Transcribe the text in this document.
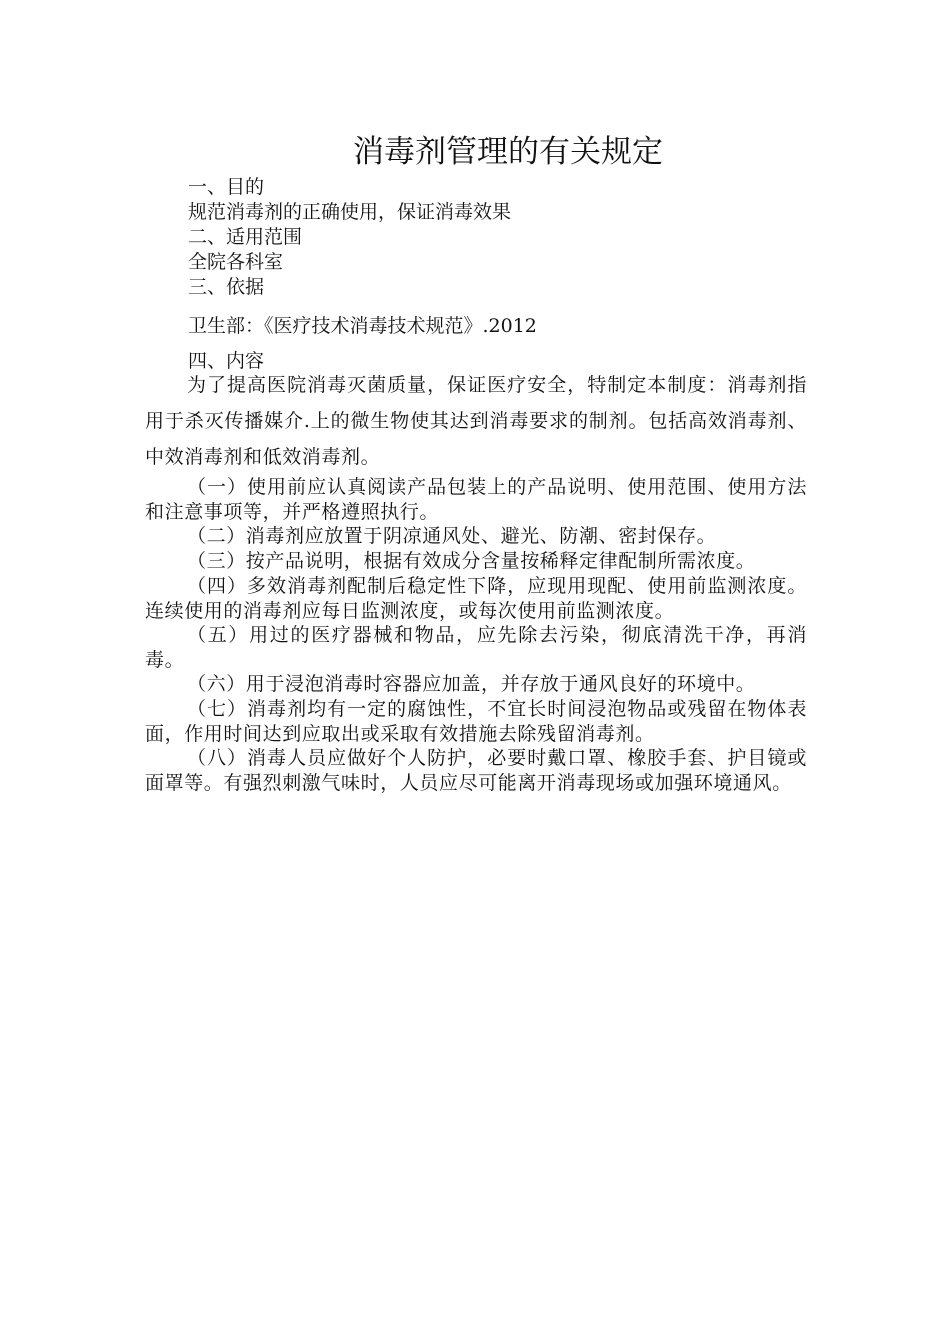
消毒剂管理的有关规定

一、目的

规范消毒剂的正确使用，保证消毒效果

二、适用范围

全院各科室

三、依据

卫生部：《医疗技术消毒技术规范》.2012

四、内容

为了提高医院消毒灭菌质量，保证医疗安全，特制定本制度：消毒剂指用于杀灭传播媒介.上的微生物使其达到消毒要求的制剂。包括高效消毒剂、中效消毒剂和低效消毒剂。

（一）使用前应认真阅读产品包装上的产品说明、使用范围、使用方法和注意事项等，并严格遵照执行。

（二）消毒剂应放置于阴凉通风处、避光、防潮、密封保存。

（三）按产品说明，根据有效成分含量按稀释定律配制所需浓度。

（四）多效消毒剂配制后稳定性下降，应现用现配、使用前监测浓度。连续使用的消毒剂应每日监测浓度，或每次使用前监测浓度。

（五）用过的医疗器械和物品，应先除去污染，彻底清洗干净，再消毒。

（六）用于浸泡消毒时容器应加盖，并存放于通风良好的环境中。

（七）消毒剂均有一定的腐蚀性，不宜长时间浸泡物品或残留在物体表面，作用时间达到应取出或采取有效措施去除残留消毒剂。

（八）消毒人员应做好个人防护，必要时戴口罩、橡胶手套、护目镜或面罩等。有强烈刺激气味时，人员应尽可能离开消毒现场或加强环境通风。
